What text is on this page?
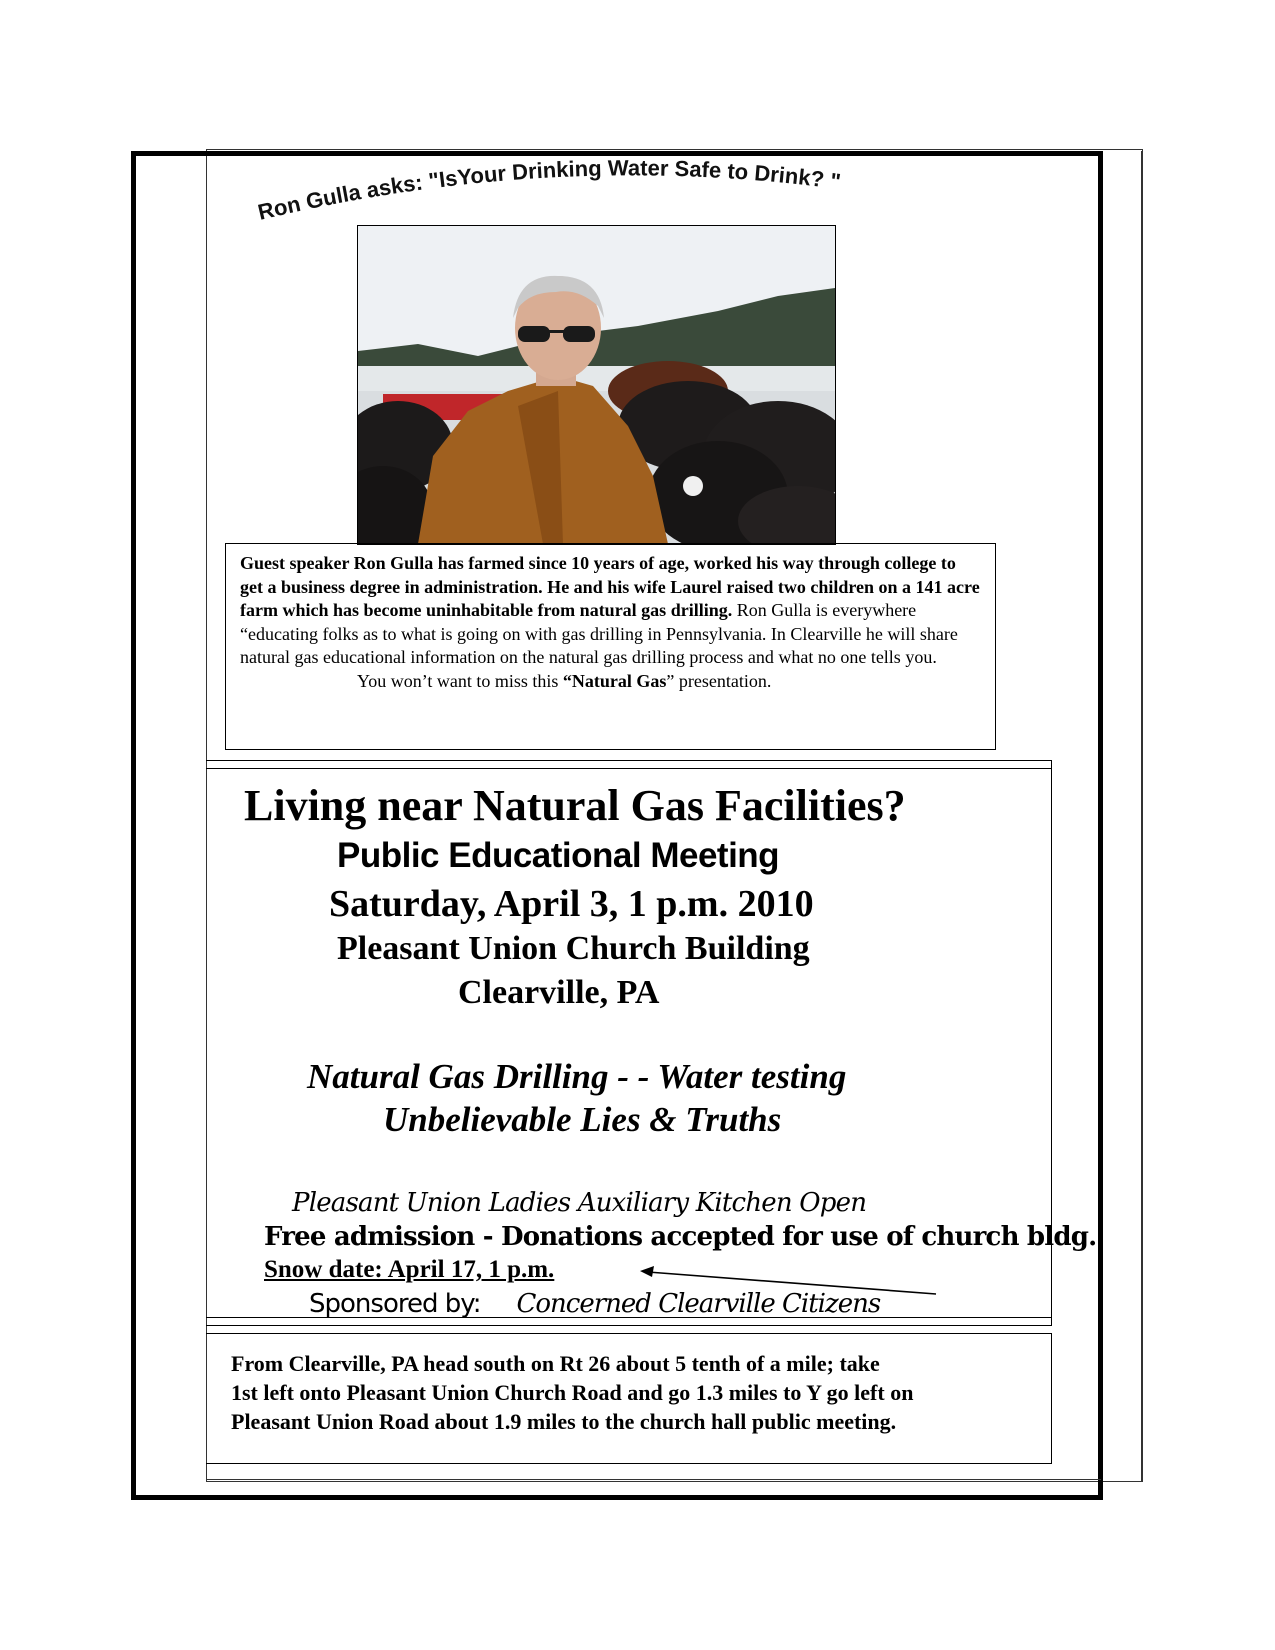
Ron Gulla asks: "IsYour Drinking Water Safe to Drink? "
Guest speaker Ron Gulla has farmed since 10 years of age, worked his way through college to get a business degree in administration. He and his wife Laurel raised two children on a 141 acre farm which has become uninhabitable from natural gas drilling. Ron Gulla is everywhere “educating folks as to what is going on with gas drilling in Pennsylvania. In Clearville he will share natural gas educational information on the natural gas drilling process and what no one tells you.
You won’t want to miss this “Natural Gas” presentation.
Living near Natural Gas Facilities?
Public Educational Meeting
Saturday, April 3, 1 p.m. 2010
Pleasant Union Church Building
Clearville, PA
Natural Gas Drilling - - Water testing
Unbelievable Lies & Truths
Pleasant Union Ladies Auxiliary Kitchen Open
Free admission - Donations accepted for use of church bldg.
Snow date: April 17, 1 p.m.
Sponsored by: Concerned Clearville Citizens
From Clearville, PA head south on Rt 26 about 5 tenth of a mile; take
1st left onto Pleasant Union Church Road and go 1.3 miles to Y go left on
Pleasant Union Road about 1.9 miles to the church hall public meeting.
